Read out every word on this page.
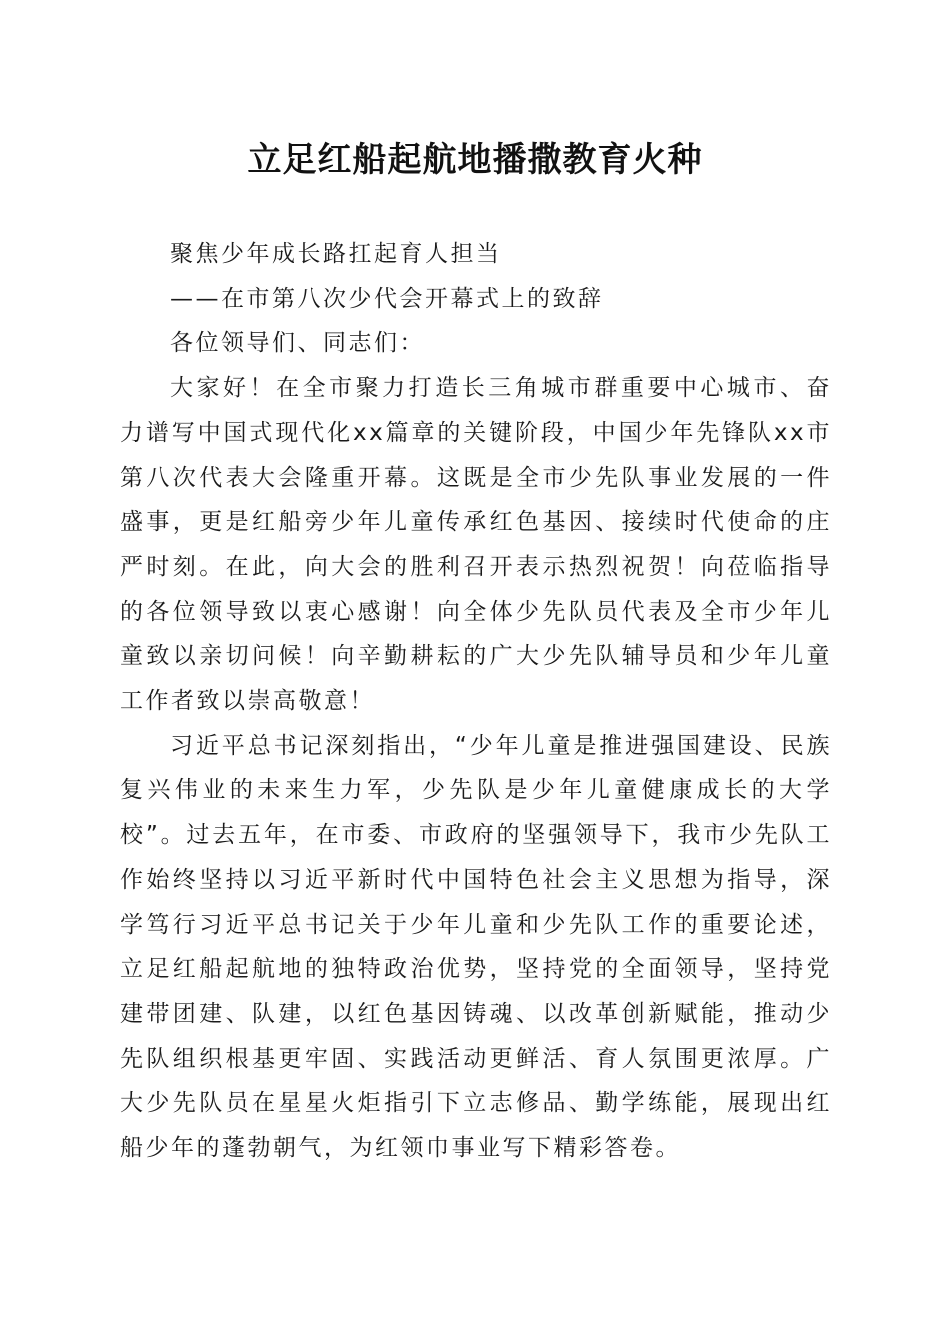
立足红船起航地播撒教育火种

聚焦少年成长路扛起育人担当

——在市第八次少代会开幕式上的致辞

各位领导们、同志们：

大家好！在全市聚力打造长三角城市群重要中心城市、奋力谱写中国式现代化xx篇章的关键阶段，中国少年先锋队xx市第八次代表大会隆重开幕。这既是全市少先队事业发展的一件盛事，更是红船旁少年儿童传承红色基因、接续时代使命的庄严时刻。在此，向大会的胜利召开表示热烈祝贺！向莅临指导的各位领导致以衷心感谢！向全体少先队员代表及全市少年儿童致以亲切问候！向辛勤耕耘的广大少先队辅导员和少年儿童工作者致以崇高敬意！

习近平总书记深刻指出，“少年儿童是推进强国建设、民族复兴伟业的未来生力军，少先队是少年儿童健康成长的大学校”。过去五年，在市委、市政府的坚强领导下，我市少先队工作始终坚持以习近平新时代中国特色社会主义思想为指导，深学笃行习近平总书记关于少年儿童和少先队工作的重要论述，立足红船起航地的独特政治优势，坚持党的全面领导，坚持党建带团建、队建，以红色基因铸魂、以改革创新赋能，推动少先队组织根基更牢固、实践活动更鲜活、育人氛围更浓厚。广大少先队员在星星火炬指引下立志修品、勤学练能，展现出红船少年的蓬勃朝气，为红领巾事业写下精彩答卷。
